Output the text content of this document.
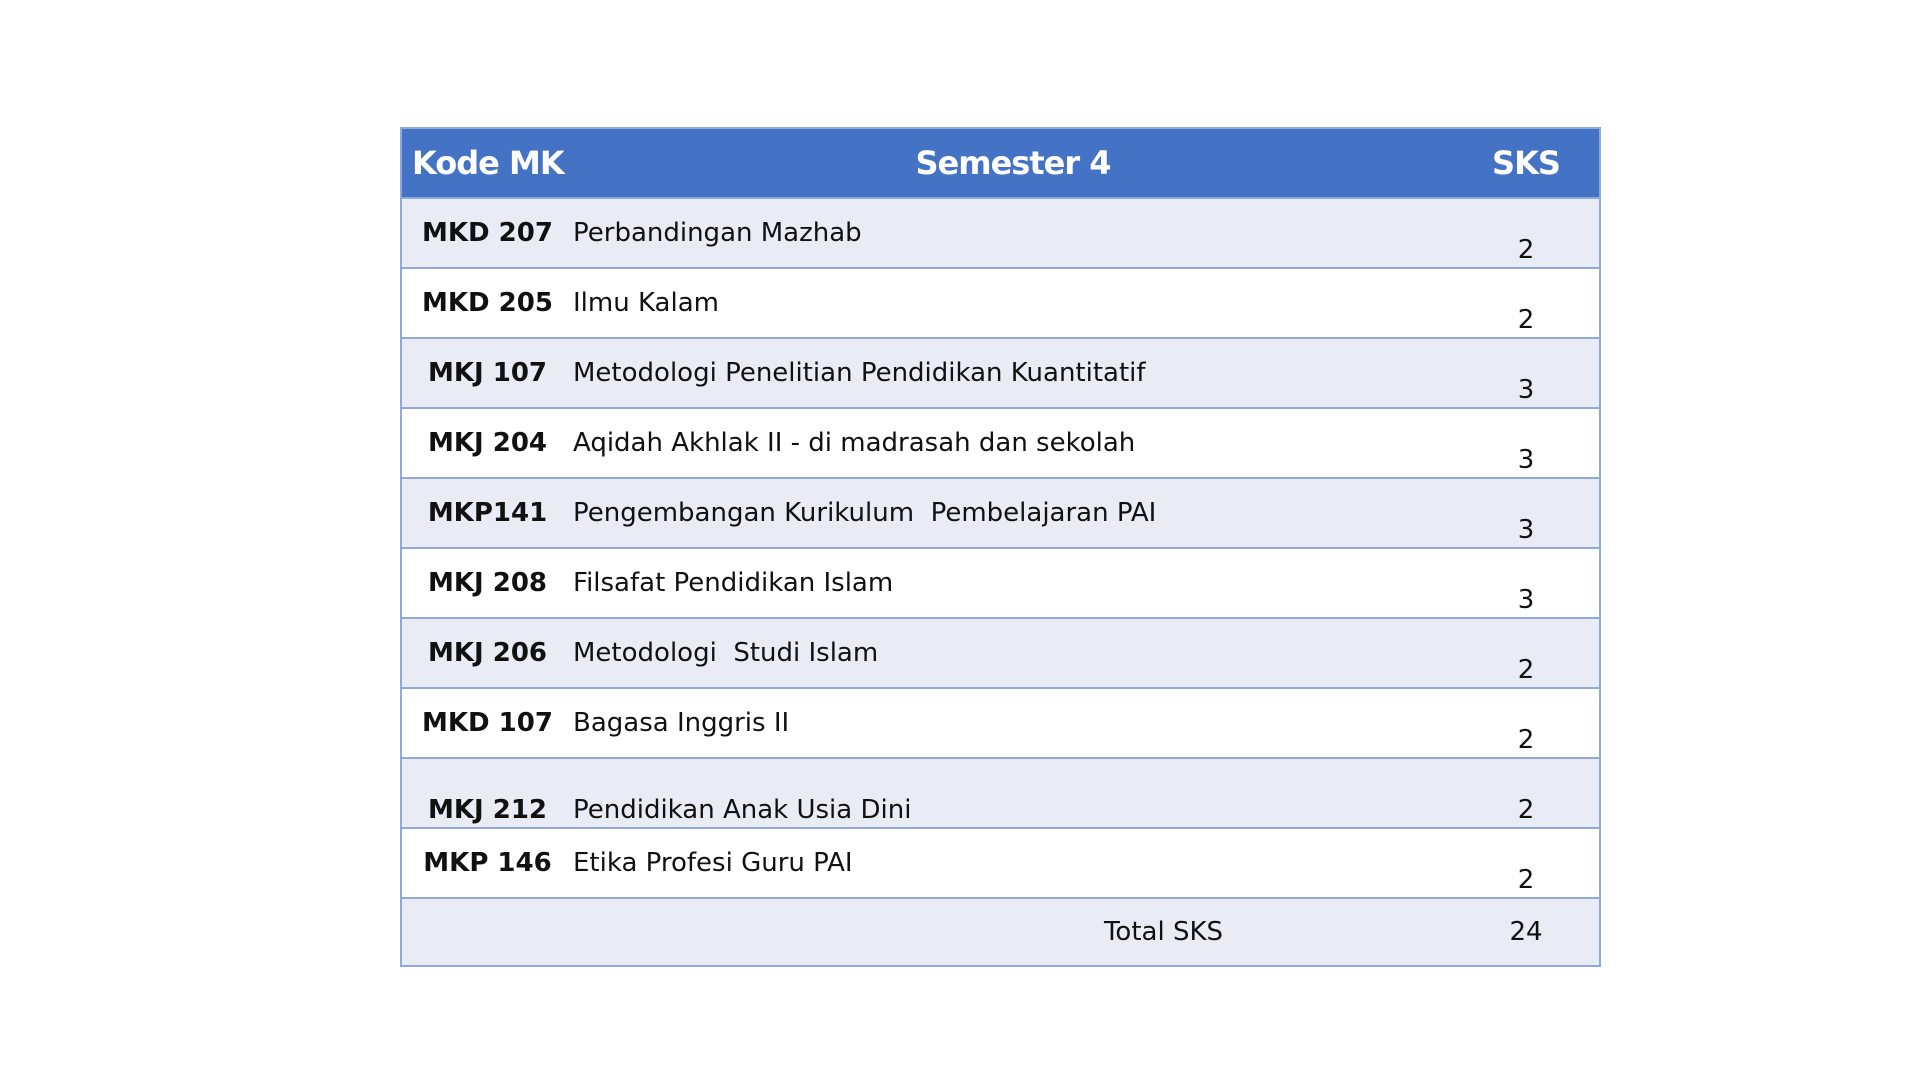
Kode MK	Semester 4	SKS
MKD 207	Perbandingan Mazhab	2
MKD 205	Ilmu Kalam	2
MKJ 107	Metodologi Penelitian Pendidikan Kuantitatif	3
MKJ 204	Aqidah Akhlak II - di madrasah dan sekolah	3
MKP141	Pengembangan Kurikulum  Pembelajaran PAI	3
MKJ 208	Filsafat Pendidikan Islam	3
MKJ 206	Metodologi  Studi Islam	2
MKD 107	Bagasa Inggris II	2
MKJ 212	Pendidikan Anak Usia Dini	2
MKP 146	Etika Profesi Guru PAI	2
Total SKS		24
